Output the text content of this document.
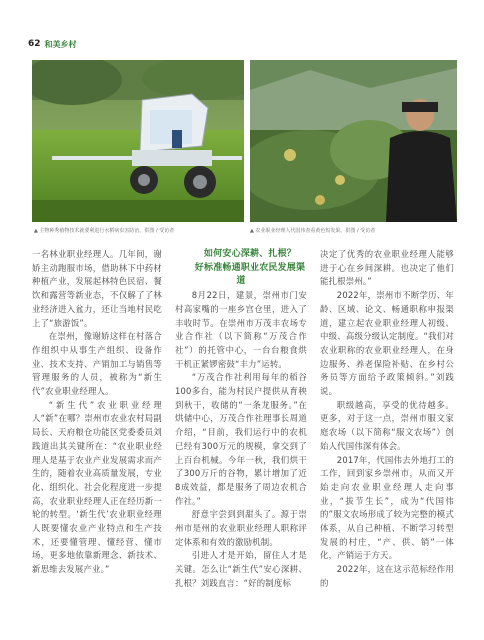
62 和美乡村
▲ 主物种秀植物技术就要利进行水稻病虫害防治。供图 / 受访者	▲ 农业职业经理人代国伟查看黄色短发果。供图 / 受访者

一名林业职业经理人。几年间，谢娇主动跑服市场，借助林下中药材种植产业，发展起林特色民宿、餐饮和露营等新业态，不仅解了了林业经济进入盆力，还让当地村民吃上了“旅游饭”。

在崇州，像谢娇这样在村落合作组织中从事生产组织、设备作业、技术支持、产销加工与销售等管理服务的人员，被称为“新生代”农业职业经理人。

“新生代”农业职业经理人“新”在哪？崇州市农业农村局副局长、天府粮仓功能区党委委员刘践道出其关键所在：“农业职业经理人是基于农业产业发展需求而产生的，随着农业高质量发展，专业化、组织化、社会化程度进一步提高，农业职业经理人正在经历新一轮的转型。‘新生代’农业职业经理人既要懂农业产业特点和生产技术，还要懂管理、懂经营、懂市场，更多地依靠新理念、新技术、新思维去发展产业。”

如何安心深耕、扎根？

好标准畅通职业农民发展渠道

8月22日，建景，崇州市门安村高家嘴的一座乡宫仓里，进入了丰收时节。在崇州市万茂丰农场专业合作社（以下简称“万茂合作社”）的托管中心，一台台粮食烘干机正紧锣密鼓“丰力”运转。

“万茂合作社利用每年的稻谷100多台，能为村民户提供从育秧到秋干，收储的“一条龙服务。”在烘储中心，万茂合作社理事长周道介绍，“目前，我们运行中的农机已经有300万元的规模，拿交到了上百台机械。今年一秋，我们烘干了300万斤的谷物，累计增加了近8成效益，都是服务了周边农机合作社。”

舒意宇尝到到甜头了。源于崇州市是州的农业职业经理人职称评定体系和有效的激励机制。

引进人才是开始，留住人才是关键。怎么让“新生代”安心深耕、扎根？刘践直言：“好的制度标

决定了优秀的农业职业经理人能够进于心在乡间深耕。也决定了他们能扎根崇州。”

2022年，崇州市不断学历、年龄、区域、论文、畅通职称申报渠道，建立起农业职业经理人初级、中级、高级分级认定制度。“我们对农业职称的农业职业经理人，在身边服务、养老保险补贴、在乡村公务员等方面给予政策倾斜。”刘践说。

职级越高，享受的优待越多。更多，对于这一点，崇州市服文家庭农场（以下简称“服文农场”）创始人代国伟深有体会。

2017年，代国伟去外地打工的工作，回到家乡崇州市，从而又开始走向农业职业经理人走向事业，“拔节生长”，成为“代国伟的”服文农场形成了较为完整的模式体系，从自己种植、不断学习转型发展的村庄，“产、供、销”一体化，产销运于方天。

2022年，这在这示范标经作用的
